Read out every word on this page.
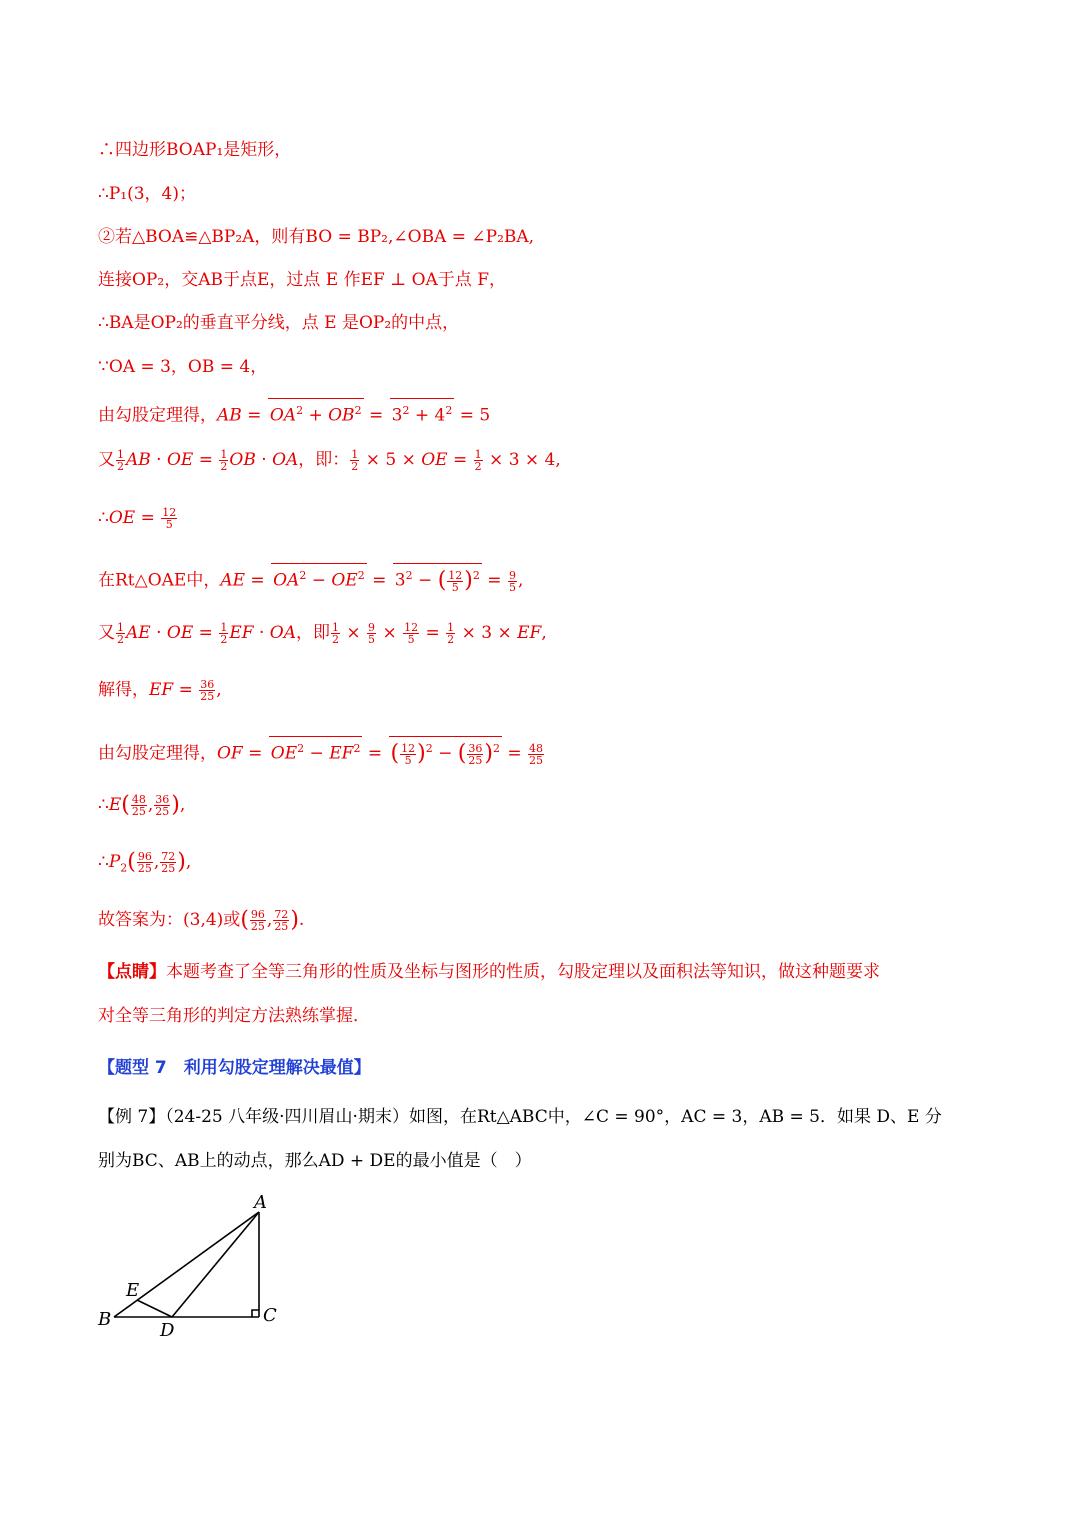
∴四边形BOAP₁是矩形，
∴P₁(3，4)；
②若△BOA≌△BP₂A，则有BO = BP₂,∠OBA = ∠P₂BA,
连接OP₂，交AB于点E，过点 E 作EF ⊥ OA于点 F，
∴BA是OP₂的垂直平分线，点 E 是OP₂的中点，
∵OA = 3，OB = 4，
由勾股定理得，AB = $OA^2 + OB^2 = 3^2 + 4^2 = 5$
又 $\frac{1}{2}$ AB · OE = $\frac{1}{2}$ OB · OA，即： $\frac{1}{2} \times 5$ × OE = $\frac{1}{2} \times 3 \times 4$,
∴OE = $\frac{12}{5}$
在Rt△OAE中，AE = $OA^2 - OE^2 = 3^2$ − ( $\frac{12}{5} )^2 = \frac{9}{5}$ ,
又 $\frac{1}{2}$ AE · OE = $\frac{1}{2}$ EF · OA，即 $\frac{1}{2} \times \frac{9}{5} \times \frac{12}{5} = \frac{1}{2} \times 3$ × EF,
解得，EF = $\frac{36}{25}$ ,
由勾股定理得，OF = $OE^2 - EF^2$ = ( $\frac{12}{5} )^2$ − ( $\frac{36}{25} )^2 = \frac{48}{25}$
∴E( $\frac{48}{25}$ , $\frac{36}{25}$ ),
$\therefore P_2( \frac{96}{25}$ , $\frac{72}{25}$ ),
故答案为：(3,4)或( $\frac{96}{25}$ , $\frac{72}{25}$ ).
【点睛】本题考查了全等三角形的性质及坐标与图形的性质，勾股定理以及面积法等知识，做这种题要求
对全等三角形的判定方法熟练掌握．
【题型 7　利用勾股定理解决最值】
【例 7】（24-25 八年级·四川眉山·期末）如图，在Rt△ABC中，∠C = 90°，AC = 3，AB = 5．如果 D、E 分
别为BC、AB上的动点，那么AD + DE的最小值是（　）
A
B	C
D
E
